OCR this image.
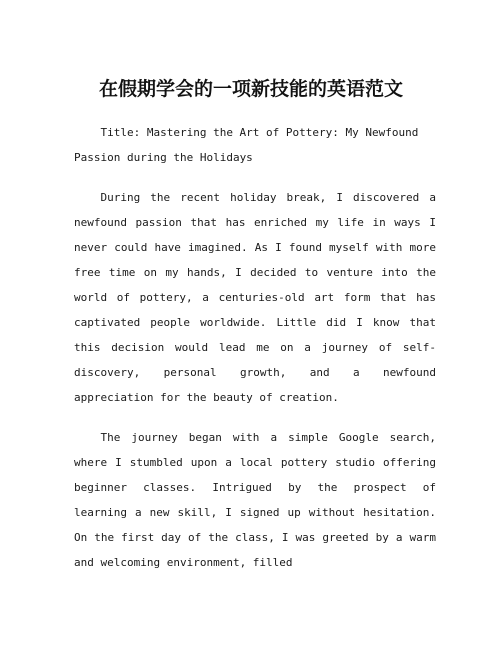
在假期学会的一项新技能的英语范文

Title: Mastering the Art of Pottery: My Newfound Passion during the Holidays

During the recent holiday break, I discovered a newfound passion that has enriched my life in ways I never could have imagined. As I found myself with more free time on my hands, I decided to venture into the world of pottery, a centuries-old art form that has captivated people worldwide. Little did I know that this decision would lead me on a journey of self-discovery, personal growth, and a newfound appreciation for the beauty of creation.

The journey began with a simple Google search, where I stumbled upon a local pottery studio offering beginner classes. Intrigued by the prospect of learning a new skill, I signed up without hesitation. On the first day of the class, I was greeted by a warm and welcoming environment, filled
